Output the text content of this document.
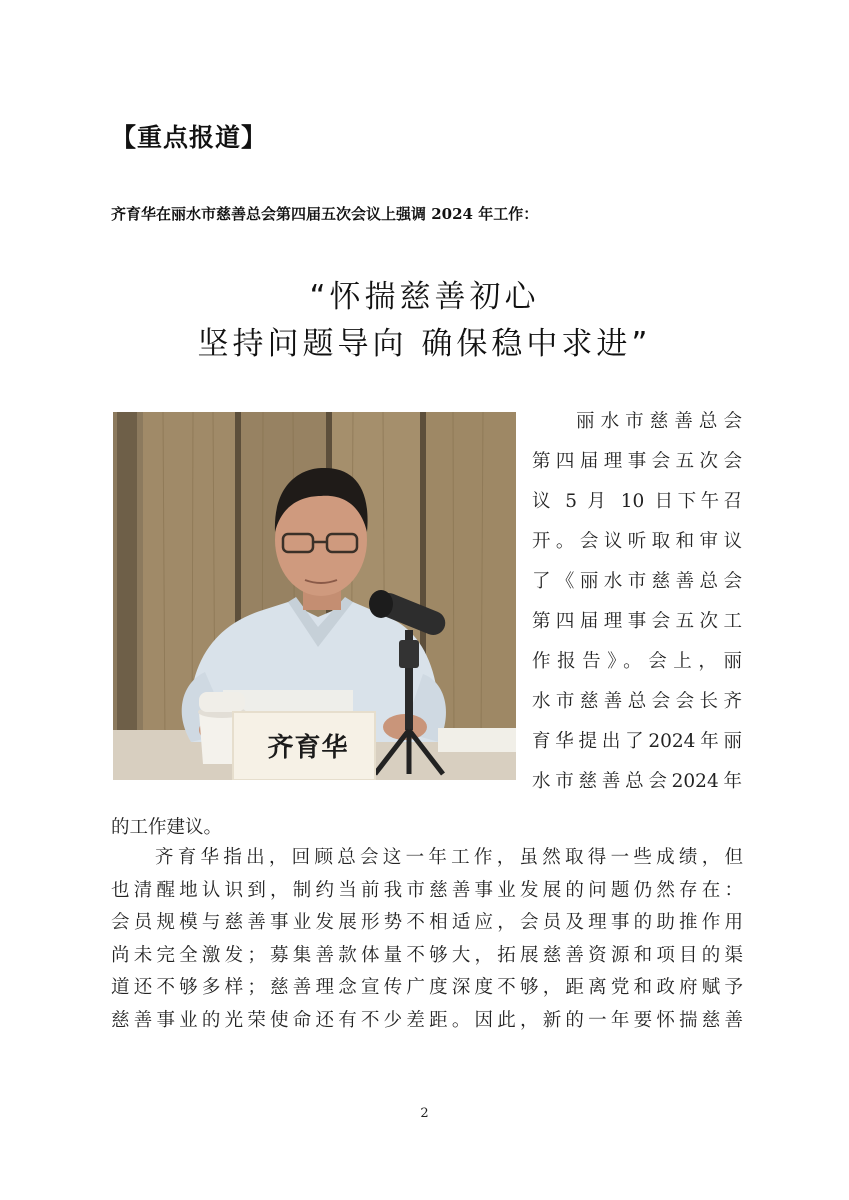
【重点报道】
齐育华在丽水市慈善总会第四届五次会议上强调 2024 年工作：
“怀揣慈善初心
坚持问题导向 确保稳中求进”
齐育华
丽水市慈善总会
第四届理事会五次会
议 5 月 10 日下午召
开。会议听取和审议
了《丽水市慈善总会
第四届理事会五次工
作报告》。会上，丽
水市慈善总会会长齐
育华提出了2024年丽
水市慈善总会2024年
的工作建议。
齐育华指出，回顾总会这一年工作，虽然取得一些成绩，但
也清醒地认识到，制约当前我市慈善事业发展的问题仍然存在：
会员规模与慈善事业发展形势不相适应，会员及理事的助推作用
尚未完全激发；募集善款体量不够大，拓展慈善资源和项目的渠
道还不够多样；慈善理念宣传广度深度不够，距离党和政府赋予
慈善事业的光荣使命还有不少差距。因此，新的一年要怀揣慈善
2
